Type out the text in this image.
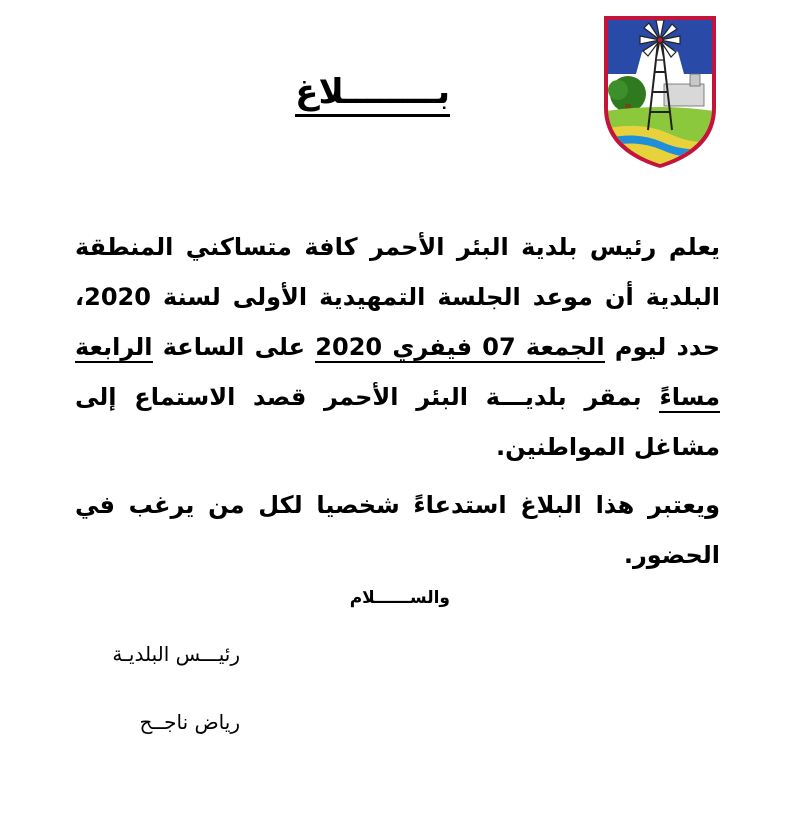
بــــــــلاغ

يعلم رئيس بلدية البئر الأحمر كافة متساكني المنطقة البلدية أن موعد الجلسة التمهيدية الأولى لسنة 2020، حدد ليوم الجمعة 07 فيفري 2020 على الساعة الرابعة مساءً بمقر بلديـــة البئر الأحمر قصد الاستماع إلى مشاغل المواطنين.

ويعتبر هذا البلاغ استدعاءً شخصيا لكل من يرغب في الحضور.

والســــــلام
رئيـــس البلديـة
رياض ناجــح
